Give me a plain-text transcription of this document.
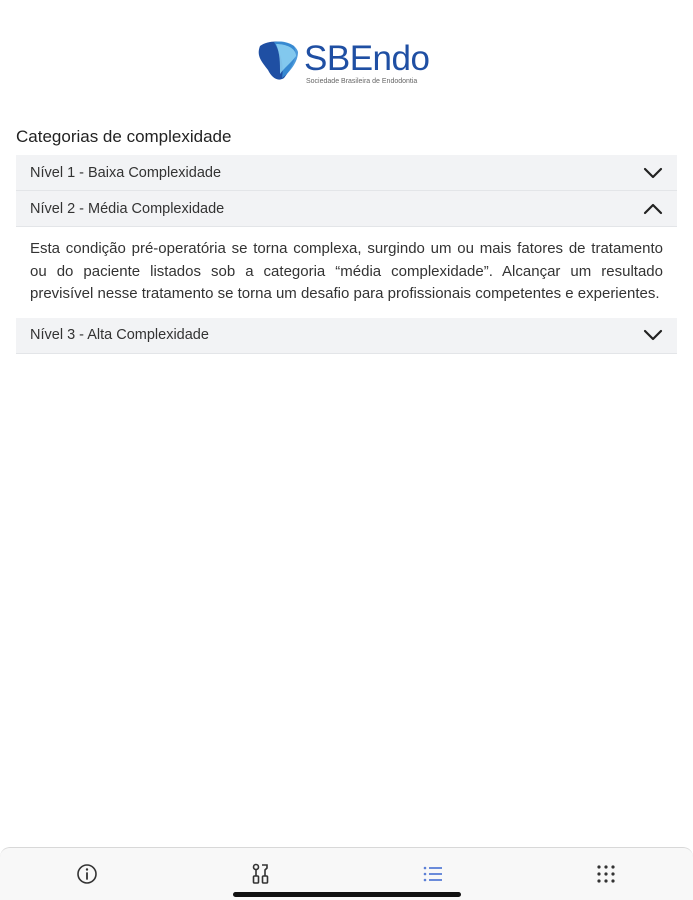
SBEndo
Sociedade Brasileira de Endodontia
Categorias de complexidade
Nível 1 - Baixa Complexidade
Nível 2 - Média Complexidade
Esta condição pré-operatória se torna complexa, surgindo um ou mais fatores de tratamento ou do paciente listados sob a categoria “média complexidade”. Alcançar um resultado previsível nesse tratamento se torna um desafio para profissionais competentes e experientes.
Nível 3 - Alta Complexidade
